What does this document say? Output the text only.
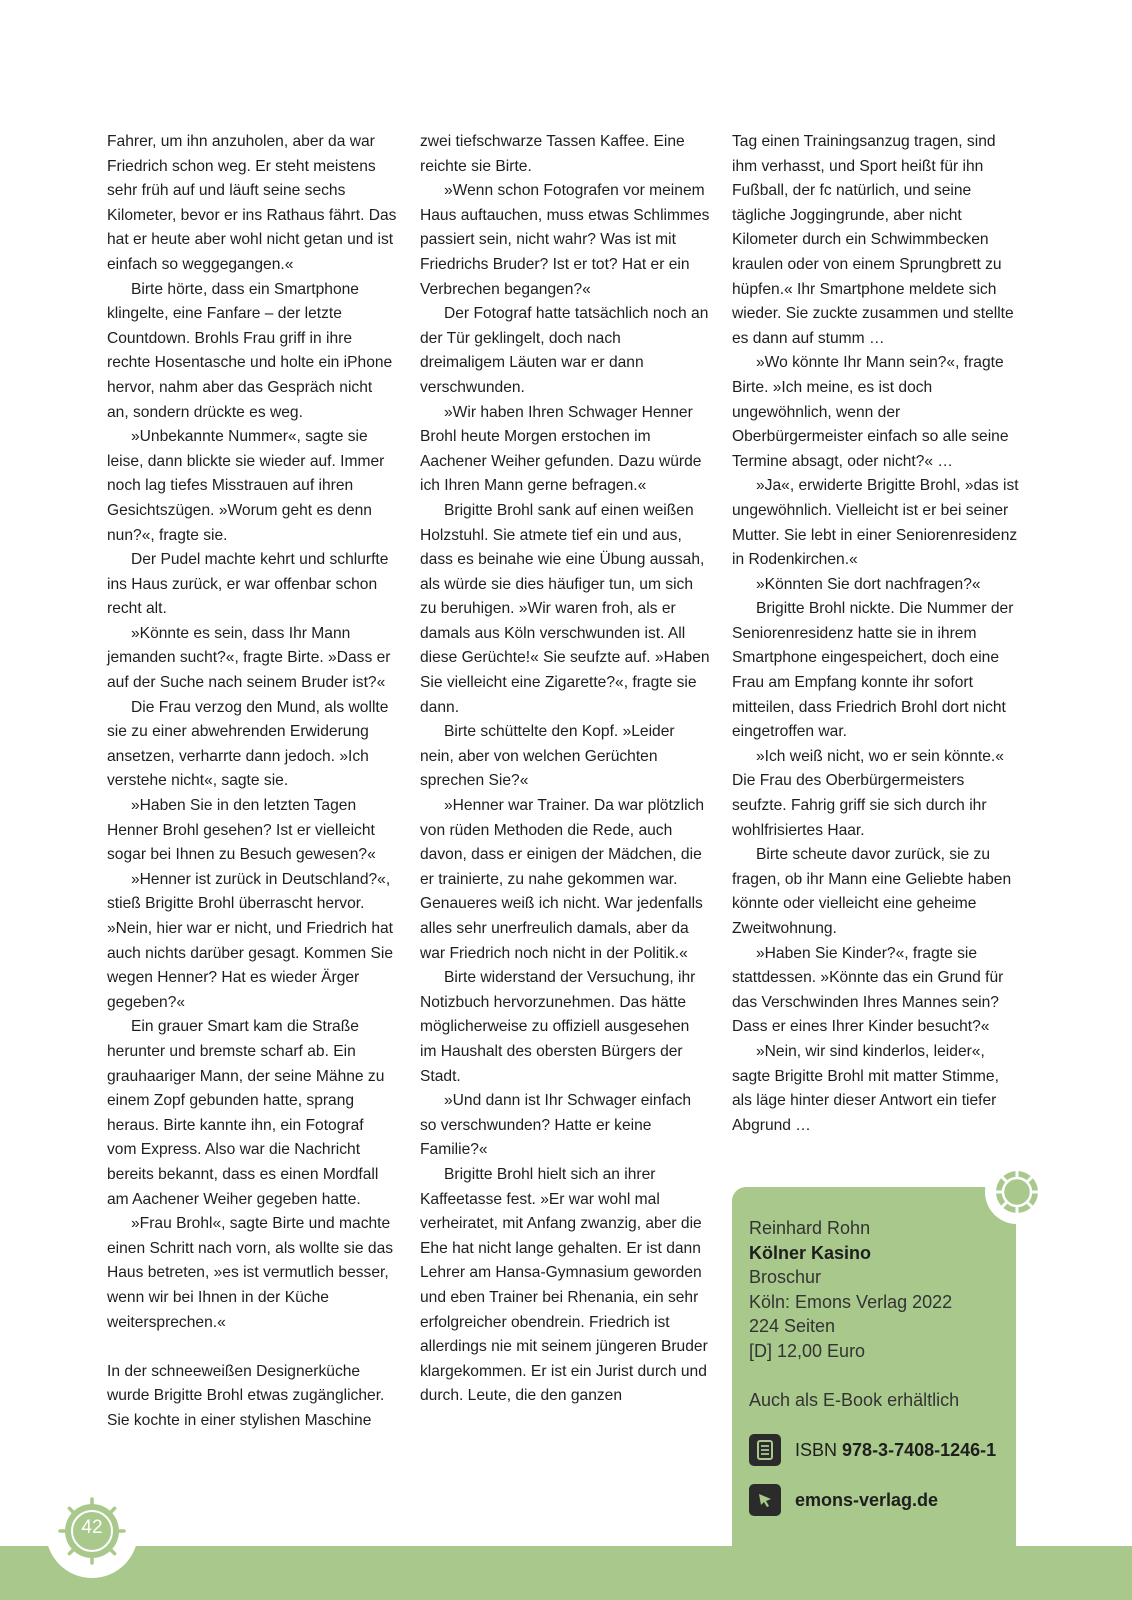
Fahrer, um ihn anzuholen, aber da war Friedrich schon weg. Er steht meistens sehr früh auf und läuft seine sechs Kilometer, bevor er ins Rathaus fährt. Das hat er heute aber wohl nicht getan und ist einfach so weggegangen.«

Birte hörte, dass ein Smartphone klingelte, eine Fanfare – der letzte Countdown. Brohls Frau griff in ihre rechte Hosentasche und holte ein iPhone hervor, nahm aber das Gespräch nicht an, sondern drückte es weg.

»Unbekannte Nummer«, sagte sie leise, dann blickte sie wieder auf. Immer noch lag tiefes Misstrauen auf ihren Gesichtszügen. »Worum geht es denn nun?«, fragte sie.

Der Pudel machte kehrt und schlurfte ins Haus zurück, er war offenbar schon recht alt.

»Könnte es sein, dass Ihr Mann jemanden sucht?«, fragte Birte. »Dass er auf der Suche nach seinem Bruder ist?«

Die Frau verzog den Mund, als wollte sie zu einer abwehrenden Erwiderung ansetzen, verharrte dann jedoch. »Ich verstehe nicht«, sagte sie.

»Haben Sie in den letzten Tagen Henner Brohl gesehen? Ist er vielleicht sogar bei Ihnen zu Besuch gewesen?«

»Henner ist zurück in Deutschland?«, stieß Brigitte Brohl überrascht hervor. »Nein, hier war er nicht, und Friedrich hat auch nichts darüber gesagt. Kommen Sie wegen Henner? Hat es wieder Ärger gegeben?«

Ein grauer Smart kam die Straße herunter und bremste scharf ab. Ein grauhaariger Mann, der seine Mähne zu einem Zopf gebunden hatte, sprang heraus. Birte kannte ihn, ein Fotograf vom Express. Also war die Nachricht bereits bekannt, dass es einen Mordfall am Aachener Weiher gegeben hatte.

»Frau Brohl«, sagte Birte und machte einen Schritt nach vorn, als wollte sie das Haus betreten, »es ist vermutlich besser, wenn wir bei Ihnen in der Küche weitersprechen.«

In der schneeweißen Designerküche wurde Brigitte Brohl etwas zugänglicher. Sie kochte in einer stylishen Maschine

zwei tiefschwarze Tassen Kaffee. Eine reichte sie Birte.

»Wenn schon Fotografen vor meinem Haus auftauchen, muss etwas Schlimmes passiert sein, nicht wahr? Was ist mit Friedrichs Bruder? Ist er tot? Hat er ein Verbrechen begangen?«

Der Fotograf hatte tatsächlich noch an der Tür geklingelt, doch nach dreimaligem Läuten war er dann verschwunden.

»Wir haben Ihren Schwager Henner Brohl heute Morgen erstochen im Aachener Weiher gefunden. Dazu würde ich Ihren Mann gerne befragen.«

Brigitte Brohl sank auf einen weißen Holzstuhl. Sie atmete tief ein und aus, dass es beinahe wie eine Übung aussah, als würde sie dies häufiger tun, um sich zu beruhigen. »Wir waren froh, als er damals aus Köln verschwunden ist. All diese Gerüchte!« Sie seufzte auf. »Haben Sie vielleicht eine Zigarette?«, fragte sie dann.

Birte schüttelte den Kopf. »Leider nein, aber von welchen Gerüchten sprechen Sie?«

»Henner war Trainer. Da war plötzlich von rüden Methoden die Rede, auch davon, dass er einigen der Mädchen, die er trainierte, zu nahe gekommen war. Genaueres weiß ich nicht. War jedenfalls alles sehr unerfreulich damals, aber da war Friedrich noch nicht in der Politik.«

Birte widerstand der Versuchung, ihr Notizbuch hervorzunehmen. Das hätte möglicherweise zu offiziell ausgesehen im Haushalt des obersten Bürgers der Stadt.

»Und dann ist Ihr Schwager einfach so verschwunden? Hatte er keine Familie?«

Brigitte Brohl hielt sich an ihrer Kaffeetasse fest. »Er war wohl mal verheiratet, mit Anfang zwanzig, aber die Ehe hat nicht lange gehalten. Er ist dann Lehrer am Hansa-Gymnasium geworden und eben Trainer bei Rhenania, ein sehr erfolgreicher obendrein. Friedrich ist allerdings nie mit seinem jüngeren Bruder klargekommen. Er ist ein Jurist durch und durch. Leute, die den ganzen

Tag einen Trainingsanzug tragen, sind ihm verhasst, und Sport heißt für ihn Fußball, der fc natürlich, und seine tägliche Joggingrunde, aber nicht Kilometer durch ein Schwimmbecken kraulen oder von einem Sprungbrett zu hüpfen.« Ihr Smartphone meldete sich wieder. Sie zuckte zusammen und stellte es dann auf stumm …

»Wo könnte Ihr Mann sein?«, fragte Birte. »Ich meine, es ist doch ungewöhnlich, wenn der Oberbürgermeister einfach so alle seine Termine absagt, oder nicht?« …

»Ja«, erwiderte Brigitte Brohl, »das ist ungewöhnlich. Vielleicht ist er bei seiner Mutter. Sie lebt in einer Seniorenresidenz in Rodenkirchen.«

»Könnten Sie dort nachfragen?«

Brigitte Brohl nickte. Die Nummer der Seniorenresidenz hatte sie in ihrem Smartphone eingespeichert, doch eine Frau am Empfang konnte ihr sofort mitteilen, dass Friedrich Brohl dort nicht eingetroffen war.

»Ich weiß nicht, wo er sein könnte.« Die Frau des Oberbürgermeisters seufzte. Fahrig griff sie sich durch ihr wohlfrisiertes Haar.

Birte scheute davor zurück, sie zu fragen, ob ihr Mann eine Geliebte haben könnte oder vielleicht eine geheime Zweitwohnung.

»Haben Sie Kinder?«, fragte sie stattdessen. »Könnte das ein Grund für das Verschwinden Ihres Mannes sein? Dass er eines Ihrer Kinder besucht?«

»Nein, wir sind kinderlos, leider«, sagte Brigitte Brohl mit matter Stimme, als läge hinter dieser Antwort ein tiefer Abgrund …

Reinhard Rohn
Kölner Kasino
Broschur
Köln: Emons Verlag 2022
224 Seiten
[D] 12,00 Euro
Auch als E-Book erhältlich
ISBN
978-3-7408-1246-1
emons-verlag.de
42
